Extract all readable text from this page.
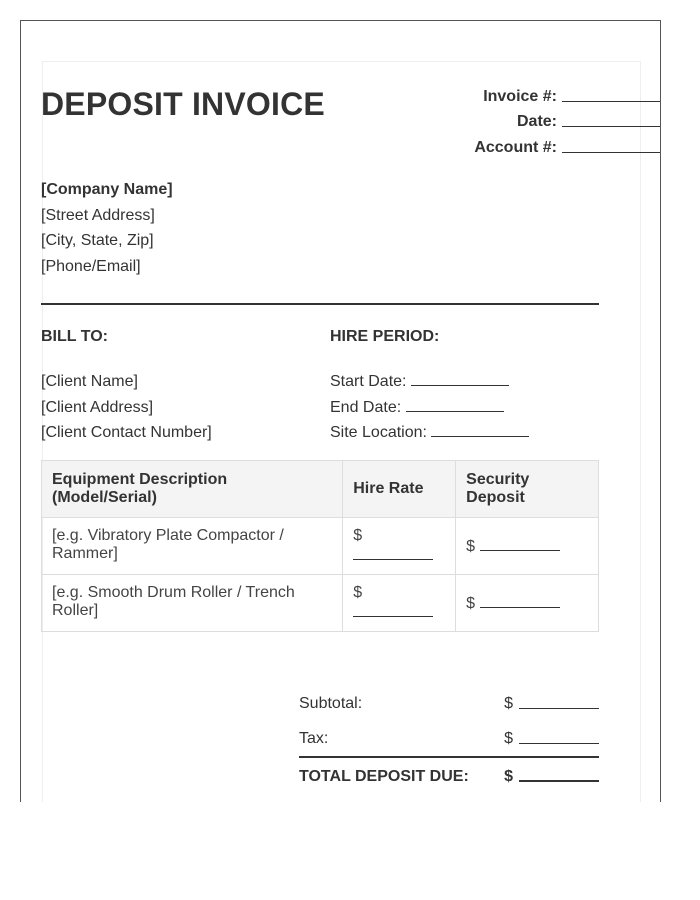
DEPOSIT INVOICE	Invoice #:
Date:
Account #:
[Company Name]
[Street Address]
[City, State, Zip]
[Phone/Email]
BILL TO:	HIRE PERIOD:
[Client Name]
[Client Address]
[Client Contact Number]
Start Date:
End Date:
Site Location:
Equipment Description (Model/Serial)	Hire Rate	Security Deposit
[e.g. Vibratory Plate Compactor / Rammer]	$	$
[e.g. Smooth Drum Roller / Trench Roller]	$	$
Subtotal:	$
Tax:	$
TOTAL DEPOSIT DUE: $
